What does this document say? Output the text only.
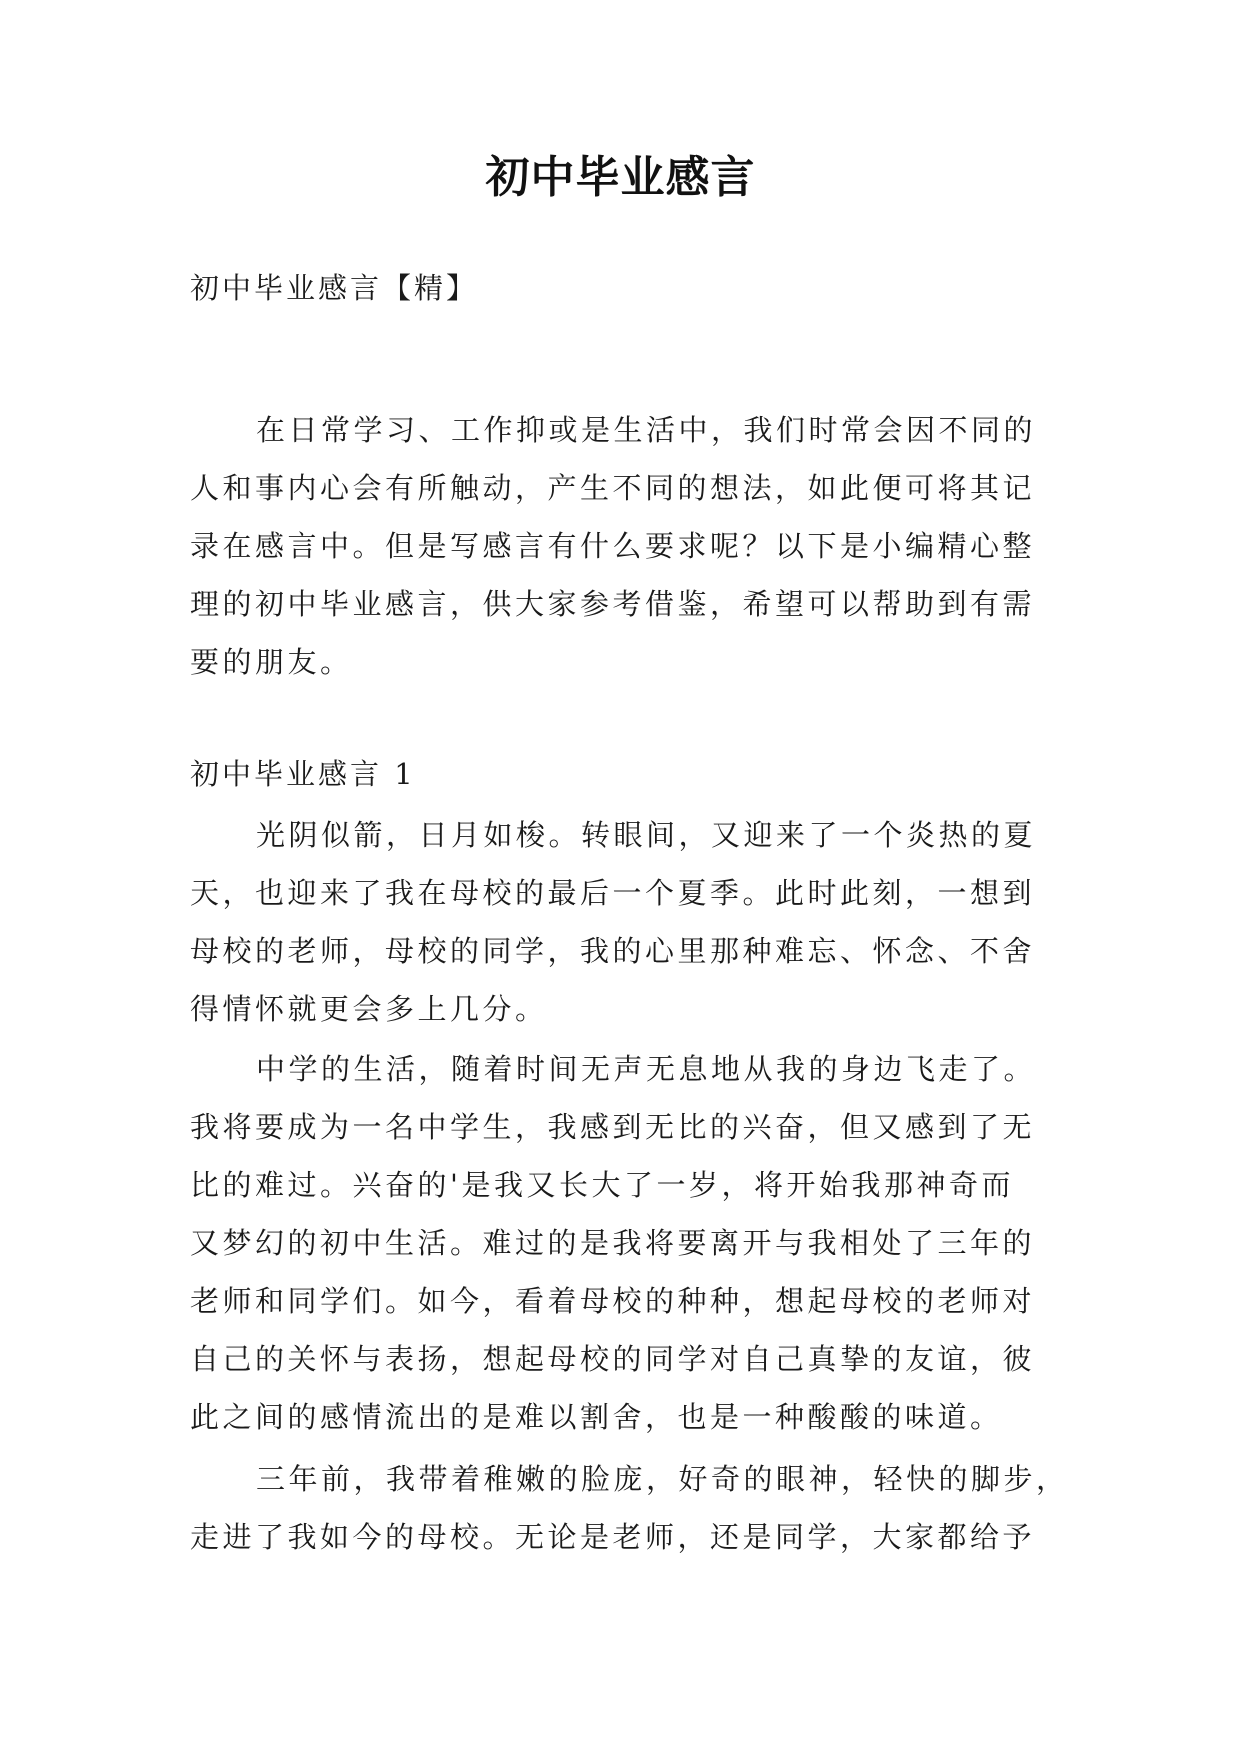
初中毕业感言
初中毕业感言【精】
在日常学习、工作抑或是生活中，我们时常会因不同的
人和事内心会有所触动，产生不同的想法，如此便可将其记
录在感言中。但是写感言有什么要求呢？以下是小编精心整
理的初中毕业感言，供大家参考借鉴，希望可以帮助到有需
要的朋友。
初中毕业感言 1
光阴似箭，日月如梭。转眼间，又迎来了一个炎热的夏
天，也迎来了我在母校的最后一个夏季。此时此刻，一想到
母校的老师，母校的同学，我的心里那种难忘、怀念、不舍
得情怀就更会多上几分。
中学的生活，随着时间无声无息地从我的身边飞走了。
我将要成为一名中学生，我感到无比的兴奋，但又感到了无
比的难过。兴奋的'是我又长大了一岁，将开始我那神奇而
又梦幻的初中生活。难过的是我将要离开与我相处了三年的
老师和同学们。如今，看着母校的种种，想起母校的老师对
自己的关怀与表扬，想起母校的同学对自己真挚的友谊，彼
此之间的感情流出的是难以割舍，也是一种酸酸的味道。
三年前，我带着稚嫩的脸庞，好奇的眼神，轻快的脚步，
走进了我如今的母校。无论是老师，还是同学，大家都给予
